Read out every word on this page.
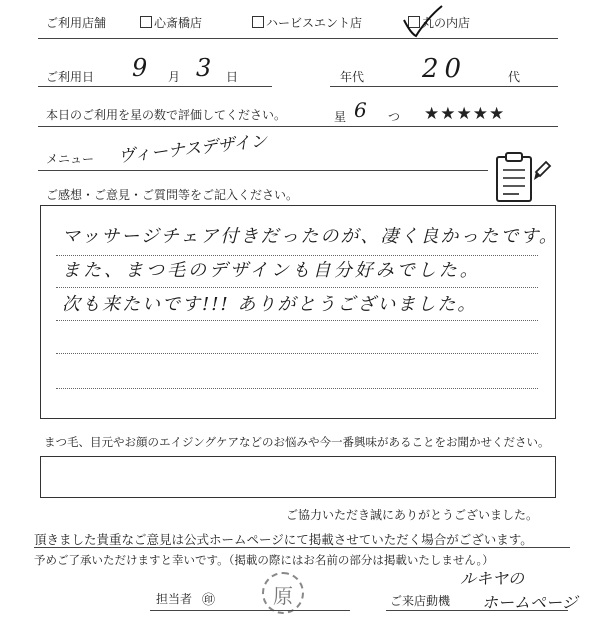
ご利用店舗	心斎橋店	ハービスエント店	丸の内店
ご利用日 9 月 3 日	年代 20	代
本日のご利用を星の数で評価してください。	星 6 つ ★★★★★
メニュー ヴィーナスデザイン
ご感想・ご意見・ご質問等をご記入ください。
マッサージチェア付きだったのが、凄く良かったです。
また、まつ毛のデザインも自分好みでした。
次も来たいです!!! ありがとうございました。
まつ毛、目元やお顔のエイジングケアなどのお悩みや今一番興味があることをお聞かせください。
ご協力いただき誠にありがとうございました。
頂きました貴重なご意見は公式ホームページにて掲載させていただく場合がございます。
予めご了承いただけますと幸いです。（掲載の際にはお名前の部分は掲載いたしません。）
担当者 ㊞	原	ご来店動機
ルキヤの
ホームページ
